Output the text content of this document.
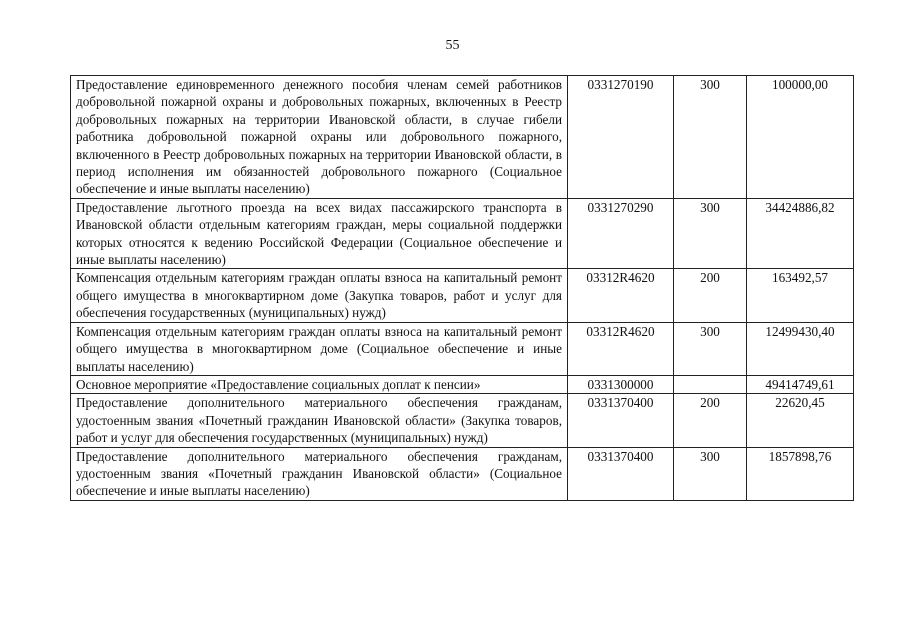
55
Предоставление единовременного денежного пособия членам семей работников добровольной пожарной охраны и добровольных пожарных, включенных в Реестр добровольных пожарных на территории Ивановской области, в случае гибели работника добровольной пожарной охраны или добровольного пожарного, включенного в Реестр добровольных пожарных на территории Ивановской области, в период исполнения им обязанностей добровольного пожарного (Социальное обеспечение и иные выплаты населению)	0331270190	300	100000,00
Предоставление льготного проезда на всех видах пассажирского транспорта в Ивановской области отдельным категориям граждан, меры социальной поддержки которых относятся к ведению Российской Федерации (Социальное обеспечение и иные выплаты населению)	0331270290	300	34424886,82
Компенсация отдельным категориям граждан оплаты взноса на капитальный ремонт общего имущества в многоквартирном доме (Закупка товаров, работ и услуг для обеспечения государственных (муниципальных) нужд)	03312R4620	200	163492,57
Компенсация отдельным категориям граждан оплаты взноса на капитальный ремонт общего имущества в многоквартирном доме (Социальное обеспечение и иные выплаты населению)	03312R4620	300	12499430,40
Основное мероприятие «Предоставление социальных доплат к пенсии»	0331300000		49414749,61
Предоставление дополнительного материального обеспечения гражданам, удостоенным звания «Почетный гражданин Ивановской области» (Закупка товаров, работ и услуг для обеспечения государственных (муниципальных) нужд)	0331370400	200	22620,45
Предоставление дополнительного материального обеспечения гражданам, удостоенным звания «Почетный гражданин Ивановской области» (Социальное обеспечение и иные выплаты населению)	0331370400	300	1857898,76
